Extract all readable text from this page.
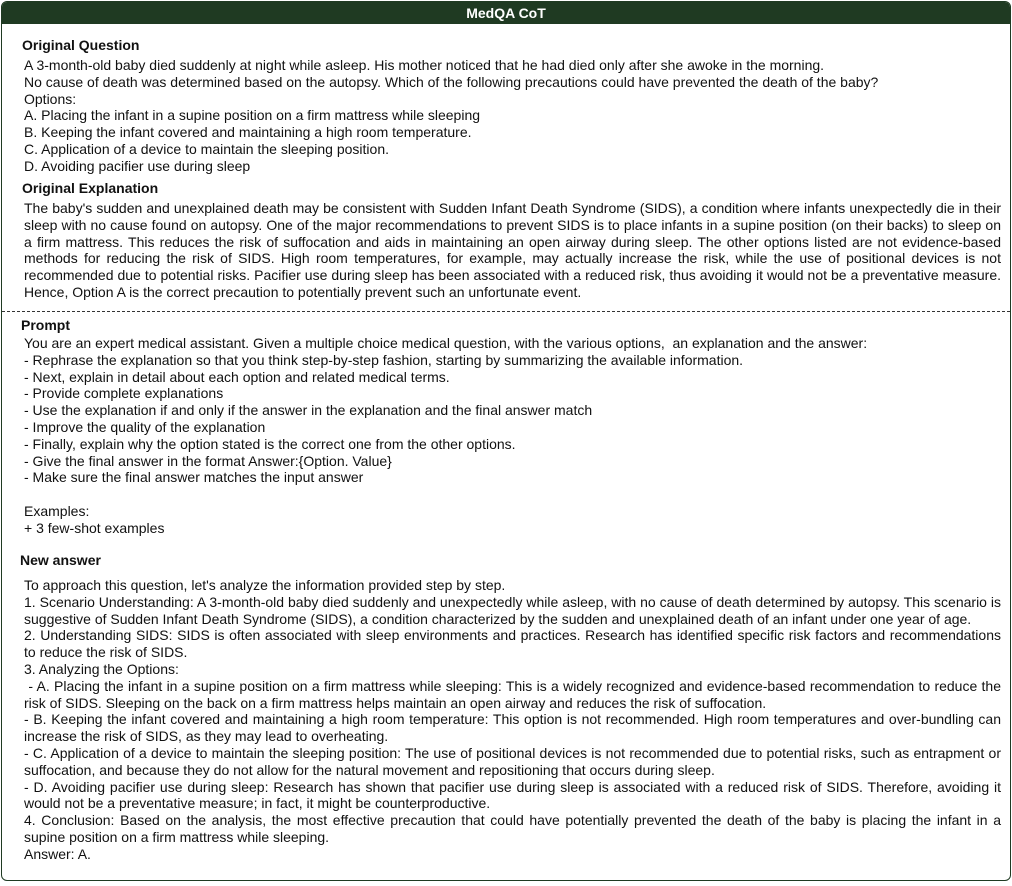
MedQA CoT
Original Question
A 3-month-old baby died suddenly at night while asleep. His mother noticed that he had died only after she awoke in the morning.
No cause of death was determined based on the autopsy. Which of the following precautions could have prevented the death of the baby?
Options:
A. Placing the infant in a supine position on a firm mattress while sleeping
B. Keeping the infant covered and maintaining a high room temperature.
C. Application of a device to maintain the sleeping position.
D. Avoiding pacifier use during sleep
Original Explanation
The baby's sudden and unexplained death may be consistent with Sudden Infant Death Syndrome (SIDS), a condition where infants unexpectedly die in their sleep with no cause found on autopsy. One of the major recommendations to prevent SIDS is to place infants in a supine position (on their backs) to sleep on a firm mattress. This reduces the risk of suffocation and aids in maintaining an open airway during sleep. The other options listed are not evidence-based methods for reducing the risk of SIDS. High room temperatures, for example, may actually increase the risk, while the use of positional devices is not recommended due to potential risks. Pacifier use during sleep has been associated with a reduced risk, thus avoiding it would not be a preventative measure. Hence, Option A is the correct precaution to potentially prevent such an unfortunate event.
Prompt
You are an expert medical assistant. Given a multiple choice medical question, with the various options,  an explanation and the answer:
- Rephrase the explanation so that you think step-by-step fashion, starting by summarizing the available information.
- Next, explain in detail about each option and related medical terms.
- Provide complete explanations
- Use the explanation if and only if the answer in the explanation and the final answer match
- Improve the quality of the explanation
- Finally, explain why the option stated is the correct one from the other options.
- Give the final answer in the format Answer:{Option. Value}
- Make sure the final answer matches the input answer
Examples:
+ 3 few-shot examples
New answer
To approach this question, let's analyze the information provided step by step.
1. Scenario Understanding: A 3-month-old baby died suddenly and unexpectedly while asleep, with no cause of death determined by autopsy. This scenario is suggestive of Sudden Infant Death Syndrome (SIDS), a condition characterized by the sudden and unexplained death of an infant under one year of age.
2. Understanding SIDS: SIDS is often associated with sleep environments and practices. Research has identified specific risk factors and recommendations to reduce the risk of SIDS.
3. Analyzing the Options:
- A. Placing the infant in a supine position on a firm mattress while sleeping: This is a widely recognized and evidence-based recommendation to reduce the risk of SIDS. Sleeping on the back on a firm mattress helps maintain an open airway and reduces the risk of suffocation.
- B. Keeping the infant covered and maintaining a high room temperature: This option is not recommended. High room temperatures and over-bundling can increase the risk of SIDS, as they may lead to overheating.
- C. Application of a device to maintain the sleeping position: The use of positional devices is not recommended due to potential risks, such as entrapment or suffocation, and because they do not allow for the natural movement and repositioning that occurs during sleep.
- D. Avoiding pacifier use during sleep: Research has shown that pacifier use during sleep is associated with a reduced risk of SIDS. Therefore, avoiding it would not be a preventative measure; in fact, it might be counterproductive.
4. Conclusion: Based on the analysis, the most effective precaution that could have potentially prevented the death of the baby is placing the infant in a supine position on a firm mattress while sleeping.
Answer: A.
